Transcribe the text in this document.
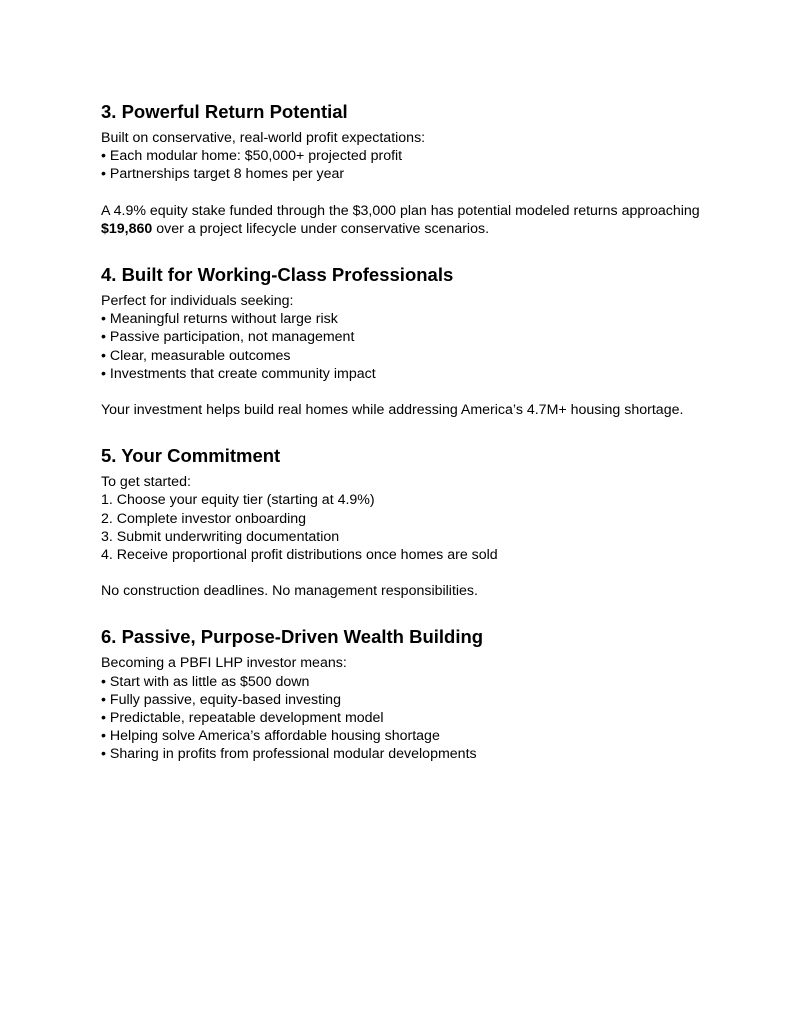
3. Powerful Return Potential

Built on conservative, real-world profit expectations:

• Each modular home: $50,000+ projected profit
• Partnerships target 8 homes per year

A 4.9% equity stake funded through the $3,000 plan has potential modeled returns approaching $19,860 over a project lifecycle under conservative scenarios.

4. Built for Working-Class Professionals

Perfect for individuals seeking:

• Meaningful returns without large risk
• Passive participation, not management
• Clear, measurable outcomes
• Investments that create community impact

Your investment helps build real homes while addressing America’s 4.7M+ housing shortage.

5. Your Commitment

To get started:

1. Choose your equity tier (starting at 4.9%)
2. Complete investor onboarding
3. Submit underwriting documentation
4. Receive proportional profit distributions once homes are sold

No construction deadlines. No management responsibilities.

6. Passive, Purpose-Driven Wealth Building

Becoming a PBFI LHP investor means:

• Start with as little as $500 down
• Fully passive, equity-based investing
• Predictable, repeatable development model
• Helping solve America’s affordable housing shortage
• Sharing in profits from professional modular developments
